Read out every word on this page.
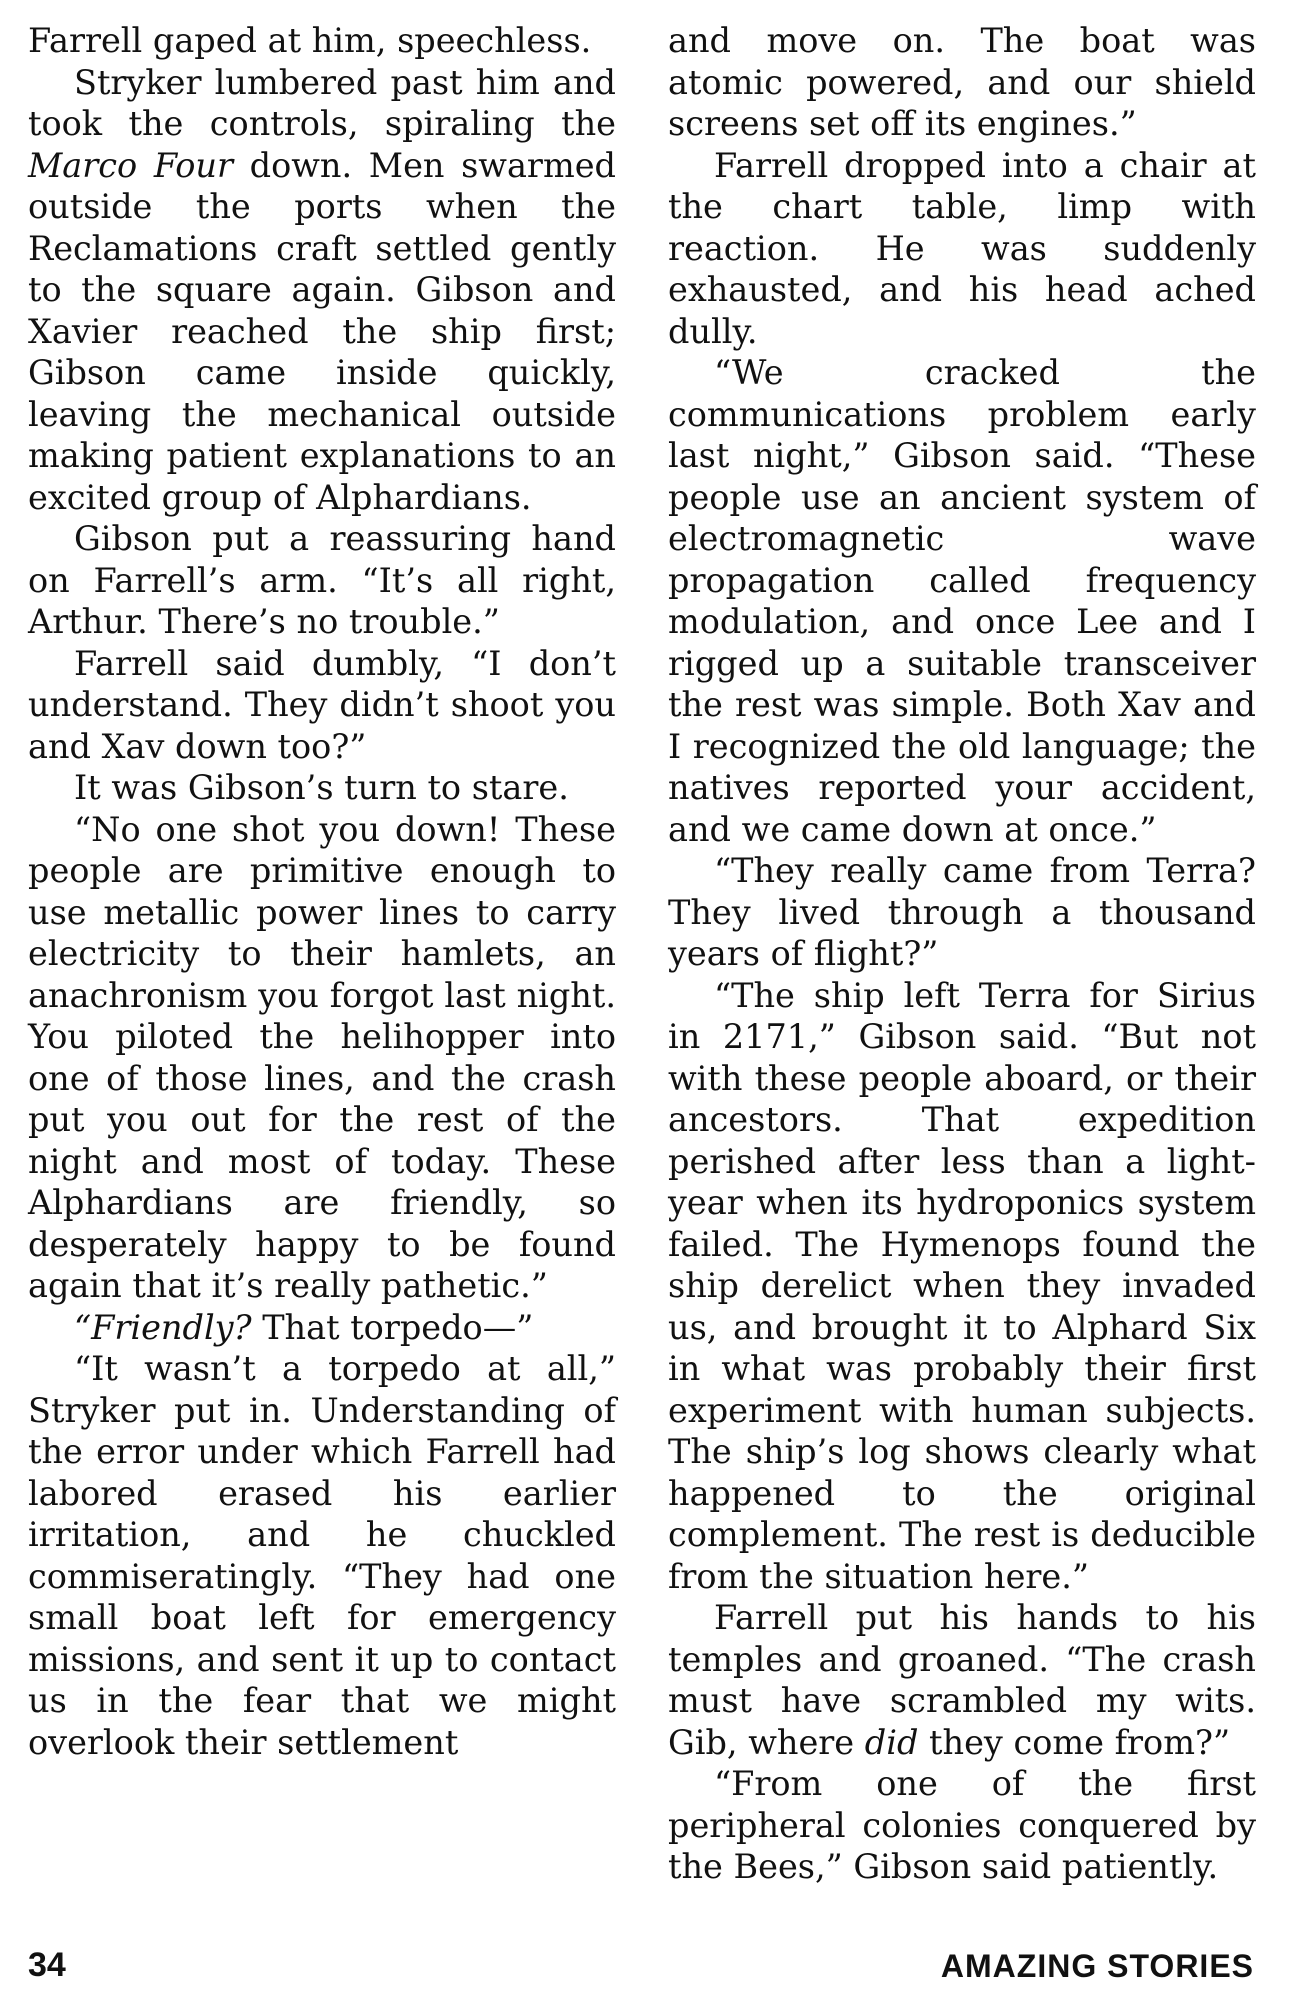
Farrell gaped at him, speechless.

Stryker lumbered past him and took the controls, spiraling the Marco Four down. Men swarmed outside the ports when the Reclamations craft settled gently to the square again. Gibson and Xavier reached the ship first; Gibson came inside quickly, leaving the mechanical outside making patient explanations to an excited group of Alphardians.

Gibson put a reassuring hand on Farrell’s arm. “It’s all right, Arthur. There’s no trouble.”

Farrell said dumbly, “I don’t understand. They didn’t shoot you and Xav down too?”

It was Gibson’s turn to stare.

“No one shot you down! These people are primitive enough to use metallic power lines to carry electricity to their hamlets, an anachronism you forgot last night. You piloted the helihopper into one of those lines, and the crash put you out for the rest of the night and most of today. These Alphardians are friendly, so desperately happy to be found again that it’s really pathetic.”

“Friendly? That torpedo—”

“It wasn’t a torpedo at all,” Stryker put in. Understanding of the error under which Farrell had labored erased his earlier irritation, and he chuckled commiseratingly. “They had one small boat left for emergency missions, and sent it up to contact us in the fear that we might overlook their settlement

and move on. The boat was atomic powered, and our shield screens set off its engines.”

Farrell dropped into a chair at the chart table, limp with reaction. He was suddenly exhausted, and his head ached dully.

“We cracked the communications problem early last night,” Gibson said. “These people use an ancient system of electromagnetic wave propagation called frequency modulation, and once Lee and I rigged up a suitable transceiver the rest was simple. Both Xav and I recognized the old language; the natives reported your accident, and we came down at once.”

“They really came from Terra? They lived through a thousand years of flight?”

“The ship left Terra for Sirius in 2171,” Gibson said. “But not with these people aboard, or their ancestors. That expedition perished after less than a light-year when its hydroponics system failed. The Hymenops found the ship derelict when they invaded us, and brought it to Alphard Six in what was probably their first experiment with human subjects. The ship’s log shows clearly what happened to the original complement. The rest is deducible from the situation here.”

Farrell put his hands to his temples and groaned. “The crash must have scrambled my wits. Gib, where did they come from?”

“From one of the first peripheral colonies conquered by the Bees,” Gibson said patiently.

34	AMAZING STORIES
